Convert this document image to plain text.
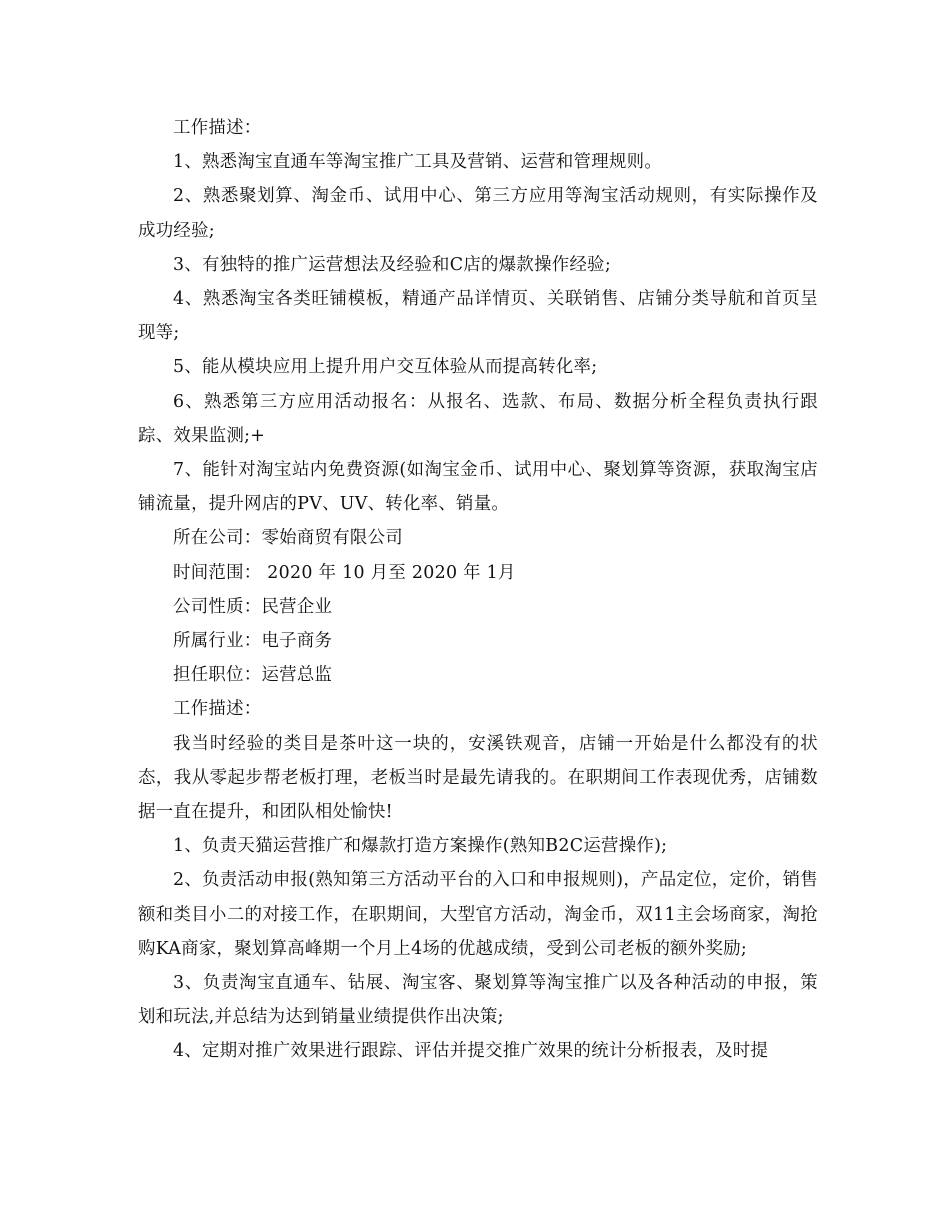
工作描述：

1、熟悉淘宝直通车等淘宝推广工具及营销、运营和管理规则。

2、熟悉聚划算、淘金币、试用中心、第三方应用等淘宝活动规则，有实际操作及成功经验;

3、有独特的推广运营想法及经验和C店的爆款操作经验;

4、熟悉淘宝各类旺铺模板，精通产品详情页、关联销售、店铺分类导航和首页呈现等;

5、能从模块应用上提升用户交互体验从而提高转化率;

6、熟悉第三方应用活动报名：从报名、选款、布局、数据分析全程负责执行跟踪、效果监测;+

7、能针对淘宝站内免费资源(如淘宝金币、试用中心、聚划算等资源，获取淘宝店铺流量，提升网店的PV、UV、转化率、销量。

所在公司：零始商贸有限公司

时间范围： 2020 年 10 月至 2020 年 1月

公司性质：民营企业

所属行业：电子商务

担任职位：运营总监

工作描述：

我当时经验的类目是茶叶这一块的，安溪铁观音，店铺一开始是什么都没有的状态，我从零起步帮老板打理，老板当时是最先请我的。在职期间工作表现优秀，店铺数据一直在提升，和团队相处愉快!

1、负责天猫运营推广和爆款打造方案操作(熟知B2C运营操作);

2、负责活动申报(熟知第三方活动平台的入口和申报规则)，产品定位，定价，销售额和类目小二的对接工作，在职期间，大型官方活动，淘金币，双11主会场商家，淘抢购KA商家，聚划算高峰期一个月上4场的优越成绩，受到公司老板的额外奖励;

3、负责淘宝直通车、钻展、淘宝客、聚划算等淘宝推广以及各种活动的申报，策划和玩法,并总结为达到销量业绩提供作出决策;

4、定期对推广效果进行跟踪、评估并提交推广效果的统计分析报表，及时提
